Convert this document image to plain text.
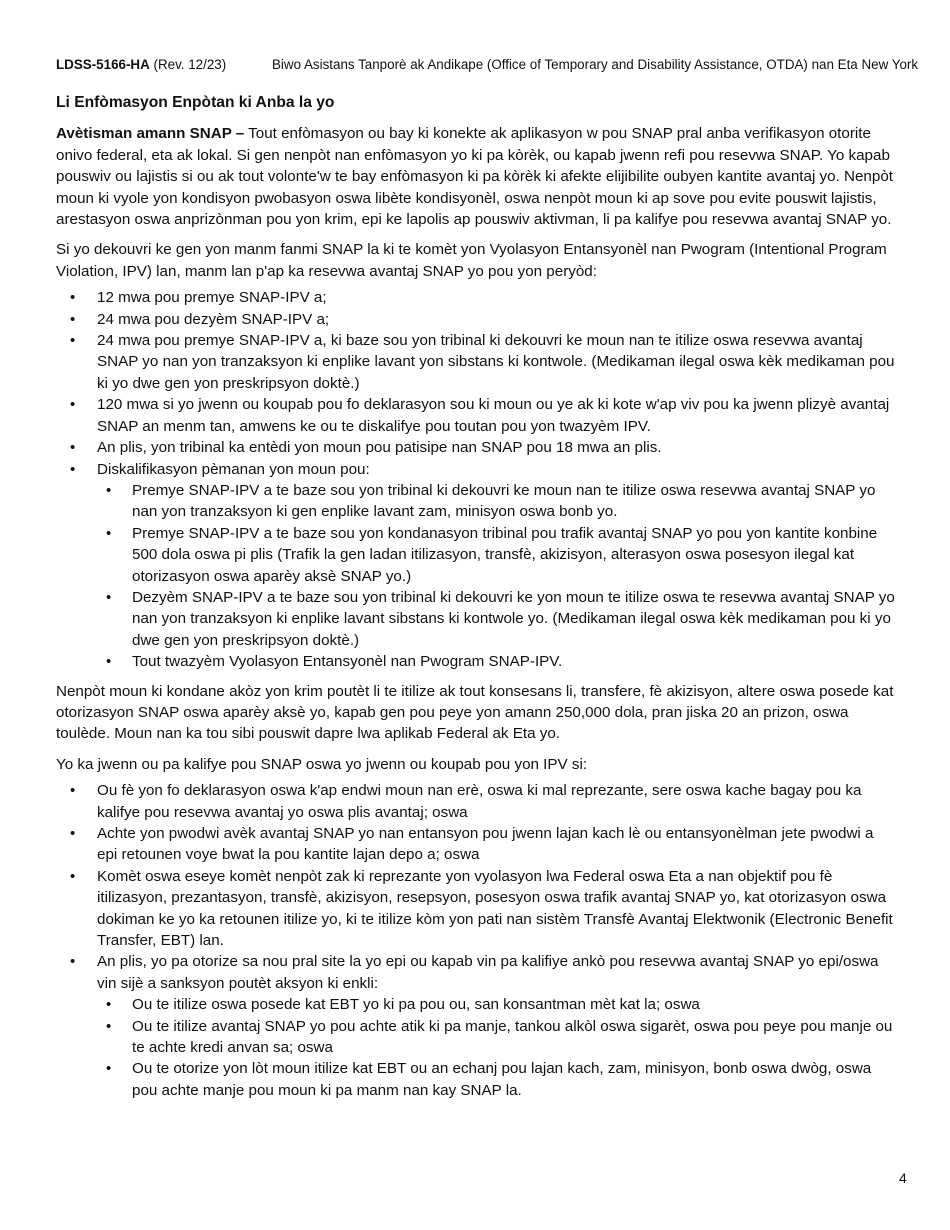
LDSS-5166-HA (Rev. 12/23)	Biwo Asistans Tanporè ak Andikape (Office of Temporary and Disability Assistance, OTDA) nan Eta New York
Li Enfòmasyon Enpòtan ki Anba la yo

Avètisman amann SNAP – Tout enfòmasyon ou bay ki konekte ak aplikasyon w pou SNAP pral anba verifikasyon otorite onivo federal, eta ak lokal. Si gen nenpòt nan enfòmasyon yo ki pa kòrèk, ou kapab jwenn refi pou resevwa SNAP. Yo kapab pouswiv ou lajistis si ou ak tout volonte'w te bay enfòmasyon ki pa kòrèk ki afekte elijibilite oubyen kantite avantaj yo. Nenpòt moun ki vyole yon kondisyon pwobasyon oswa libète kondisyonèl, oswa nenpòt moun ki ap sove pou evite pouswit lajistis, arestasyon oswa anprizònman pou yon krim, epi ke lapolis ap pouswiv aktivman, li pa kalifye pou resevwa avantaj SNAP yo.

Si yo dekouvri ke gen yon manm fanmi SNAP la ki te komèt yon Vyolasyon Entansyonèl nan Pwogram (Intentional Program Violation, IPV) lan, manm lan p'ap ka resevwa avantaj SNAP yo pou yon peryòd:

• 12 mwa pou premye SNAP-IPV a;
• 24 mwa pou dezyèm SNAP-IPV a;
• 24 mwa pou premye SNAP-IPV a, ki baze sou yon tribinal ki dekouvri ke moun nan te itilize oswa resevwa avantaj SNAP yo nan yon tranzaksyon ki enplike lavant yon sibstans ki kontwole. (Medikaman ilegal oswa kèk medikaman pou ki yo dwe gen yon preskripsyon doktè.)
• 120 mwa si yo jwenn ou koupab pou fo deklarasyon sou ki moun ou ye ak ki kote w'ap viv pou ka jwenn plizyè avantaj SNAP an menm tan, amwens ke ou te diskalifye pou toutan pou yon twazyèm IPV.
• An plis, yon tribinal ka entèdi yon moun pou patisipe nan SNAP pou 18 mwa an plis.
• Diskalifikasyon pèmanan yon moun pou:
• Premye SNAP-IPV a te baze sou yon tribinal ki dekouvri ke moun nan te itilize oswa resevwa avantaj SNAP yo nan yon tranzaksyon ki gen enplike lavant zam, minisyon oswa bonb yo.
• Premye SNAP-IPV a te baze sou yon kondanasyon tribinal pou trafik avantaj SNAP yo pou yon kantite konbine 500 dola oswa pi plis (Trafik la gen ladan itilizasyon, transfè, akizisyon, alterasyon oswa posesyon ilegal kat otorizasyon oswa aparèy aksè SNAP yo.)
• Dezyèm SNAP-IPV a te baze sou yon tribinal ki dekouvri ke yon moun te itilize oswa te resevwa avantaj SNAP yo nan yon tranzaksyon ki enplike lavant sibstans ki kontwole yo. (Medikaman ilegal oswa kèk medikaman pou ki yo dwe gen yon preskripsyon doktè.)
• Tout twazyèm Vyolasyon Entansyonèl nan Pwogram SNAP-IPV.

Nenpòt moun ki kondane akòz yon krim poutèt li te itilize ak tout konsesans li, transfere, fè akizisyon, altere oswa posede kat otorizasyon SNAP oswa aparèy aksè yo, kapab gen pou peye yon amann 250,000 dola, pran jiska 20 an prizon, oswa toulède. Moun nan ka tou sibi pouswit dapre lwa aplikab Federal ak Eta yo.

Yo ka jwenn ou pa kalifye pou SNAP oswa yo jwenn ou koupab pou yon IPV si:

• Ou fè yon fo deklarasyon oswa k'ap endwi moun nan erè, oswa ki mal reprezante, sere oswa kache bagay pou ka kalifye pou resevwa avantaj yo oswa plis avantaj; oswa
• Achte yon pwodwi avèk avantaj SNAP yo nan entansyon pou jwenn lajan kach lè ou entansyonèlman jete pwodwi a epi retounen voye bwat la pou kantite lajan depo a; oswa
• Komèt oswa eseye komèt nenpòt zak ki reprezante yon vyolasyon lwa Federal oswa Eta a nan objektif pou fè itilizasyon, prezantasyon, transfè, akizisyon, resepsyon, posesyon oswa trafik avantaj SNAP yo, kat otorizasyon oswa dokiman ke yo ka retounen itilize yo, ki te itilize kòm yon pati nan sistèm Transfè Avantaj Elektwonik (Electronic Benefit Transfer, EBT) lan.
• An plis, yo pa otorize sa nou pral site la yo epi ou kapab vin pa kalifiye ankò pou resevwa avantaj SNAP yo epi/oswa vin sijè a sanksyon poutèt aksyon ki enkli:
• Ou te itilize oswa posede kat EBT yo ki pa pou ou, san konsantman mèt kat la; oswa
• Ou te itilize avantaj SNAP yo pou achte atik ki pa manje, tankou alkòl oswa sigarèt, oswa pou peye pou manje ou te achte kredi anvan sa; oswa
• Ou te otorize yon lòt moun itilize kat EBT ou an echanj pou lajan kach, zam, minisyon, bonb oswa dwòg, oswa pou achte manje pou moun ki pa manm nan kay SNAP la.
4
